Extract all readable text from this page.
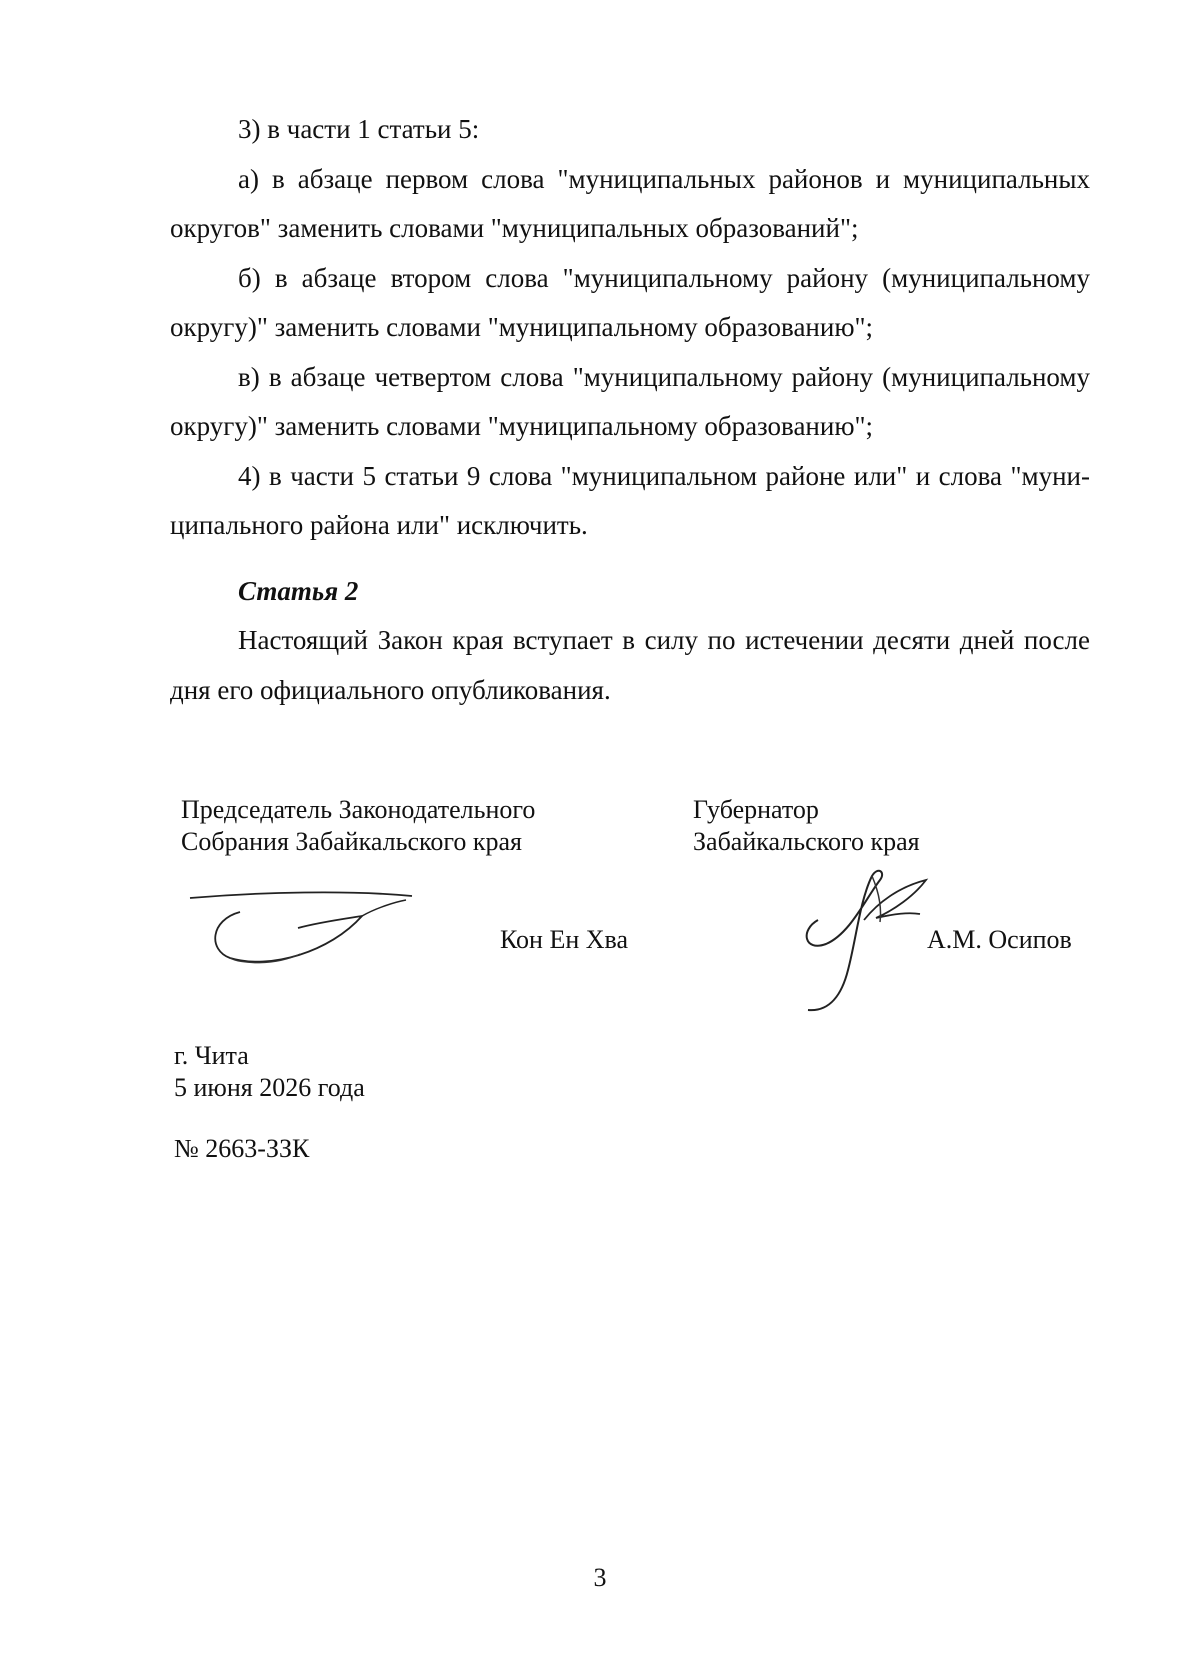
3) в части 1 статьи 5:

а) в абзаце первом слова "муниципальных районов и муниципальных округов" заменить словами "муниципальных образований";

б) в абзаце втором слова "муниципальному району (муниципальному округу)" заменить словами "муниципальному образованию";

в) в абзаце четвертом слова "муниципальному району (муниципальному округу)" заменить словами "муниципальному образованию";

4) в части 5 статьи 9 слова "муниципальном районе или" и слова "муни-ципального района или" исключить.

Статья 2

Настоящий Закон края вступает в силу по истечении десяти дней после дня его официального опубликования.

Председатель Законодательного
Собрания Забайкальского края
Губернатор
Забайкальского края
Кон Ен Хва	А.М. Осипов
г. Чита
5 июня 2026 года
№ 2663-ЗЗК
3
